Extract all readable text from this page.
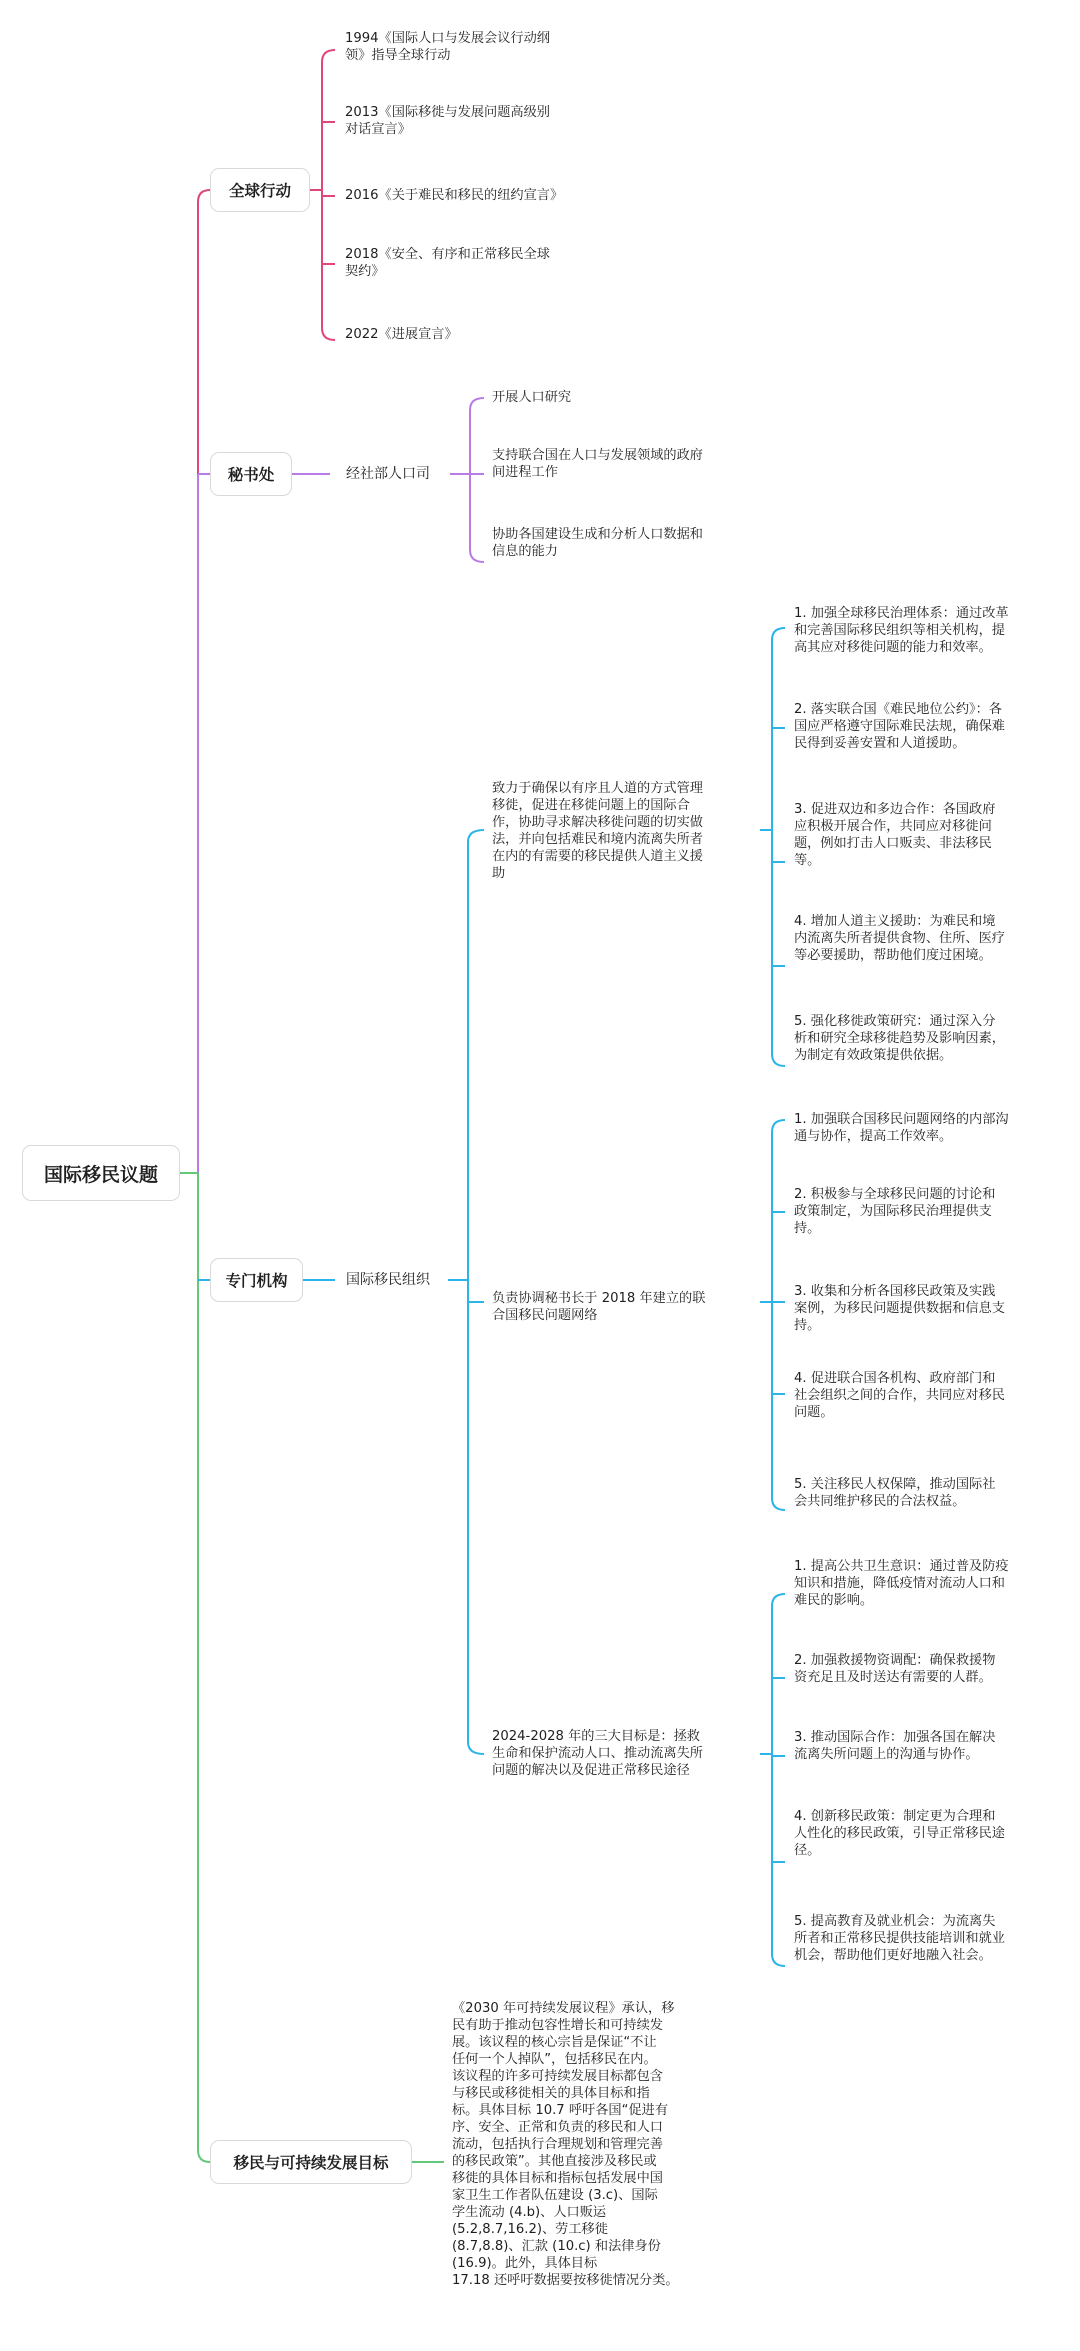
国际移民议题
全球行动
1994《国际人口与发展会议行动纲
领》指导全球行动
2013《国际移徙与发展问题高级别
对话宣言》
2016《关于难民和移民的纽约宣言》
2018《安全、有序和正常移民全球
契约》
2022《进展宣言》
秘书处	经社部人口司
开展人口研究
支持联合国在人口与发展领域的政府
间进程工作
协助各国建设生成和分析人口数据和
信息的能力
专门机构	国际移民组织
致力于确保以有序且人道的方式管理
移徙，促进在移徙问题上的国际合
作，协助寻求解决移徙问题的切实做
法，并向包括难民和境内流离失所者
在内的有需要的移民提供人道主义援
助
1. 加强全球移民治理体系：通过改革
和完善国际移民组织等相关机构，提
高其应对移徙问题的能力和效率。
2. 落实联合国《难民地位公约》：各
国应严格遵守国际难民法规，确保难
民得到妥善安置和人道援助。
3. 促进双边和多边合作：各国政府
应积极开展合作，共同应对移徙问
题，例如打击人口贩卖、非法移民
等。
4. 增加人道主义援助：为难民和境
内流离失所者提供食物、住所、医疗
等必要援助，帮助他们度过困境。
5. 强化移徙政策研究：通过深入分
析和研究全球移徙趋势及影响因素，
为制定有效政策提供依据。
负责协调秘书长于 2018 年建立的联
合国移民问题网络
1. 加强联合国移民问题网络的内部沟
通与协作，提高工作效率。
2. 积极参与全球移民问题的讨论和
政策制定，为国际移民治理提供支
持。
3. 收集和分析各国移民政策及实践
案例，为移民问题提供数据和信息支
持。
4. 促进联合国各机构、政府部门和
社会组织之间的合作，共同应对移民
问题。
5. 关注移民人权保障，推动国际社
会共同维护移民的合法权益。
2024-2028 年的三大目标是：拯救
生命和保护流动人口、推动流离失所
问题的解决以及促进正常移民途径
1. 提高公共卫生意识：通过普及防疫
知识和措施，降低疫情对流动人口和
难民的影响。
2. 加强救援物资调配：确保救援物
资充足且及时送达有需要的人群。
3. 推动国际合作：加强各国在解决
流离失所问题上的沟通与协作。
4. 创新移民政策：制定更为合理和
人性化的移民政策，引导正常移民途
径。
5. 提高教育及就业机会：为流离失
所者和正常移民提供技能培训和就业
机会，帮助他们更好地融入社会。
移民与可持续发展目标
《2030 年可持续发展议程》承认，移
民有助于推动包容性增长和可持续发
展。该议程的核心宗旨是保证“不让
任何一个人掉队”，包括移民在内。
该议程的许多可持续发展目标都包含
与移民或移徙相关的具体目标和指
标。具体目标 10.7 呼吁各国“促进有
序、安全、正常和负责的移民和人口
流动，包括执行合理规划和管理完善
的移民政策”。其他直接涉及移民或
移徙的具体目标和指标包括发展中国
家卫生工作者队伍建设 (3.c)、国际
学生流动 (4.b)、人口贩运
(5.2,8.7,16.2)、劳工移徙
(8.7,8.8)、汇款 (10.c) 和法律身份
(16.9)。此外，具体目标
17.18 还呼吁数据要按移徙情况分类。
